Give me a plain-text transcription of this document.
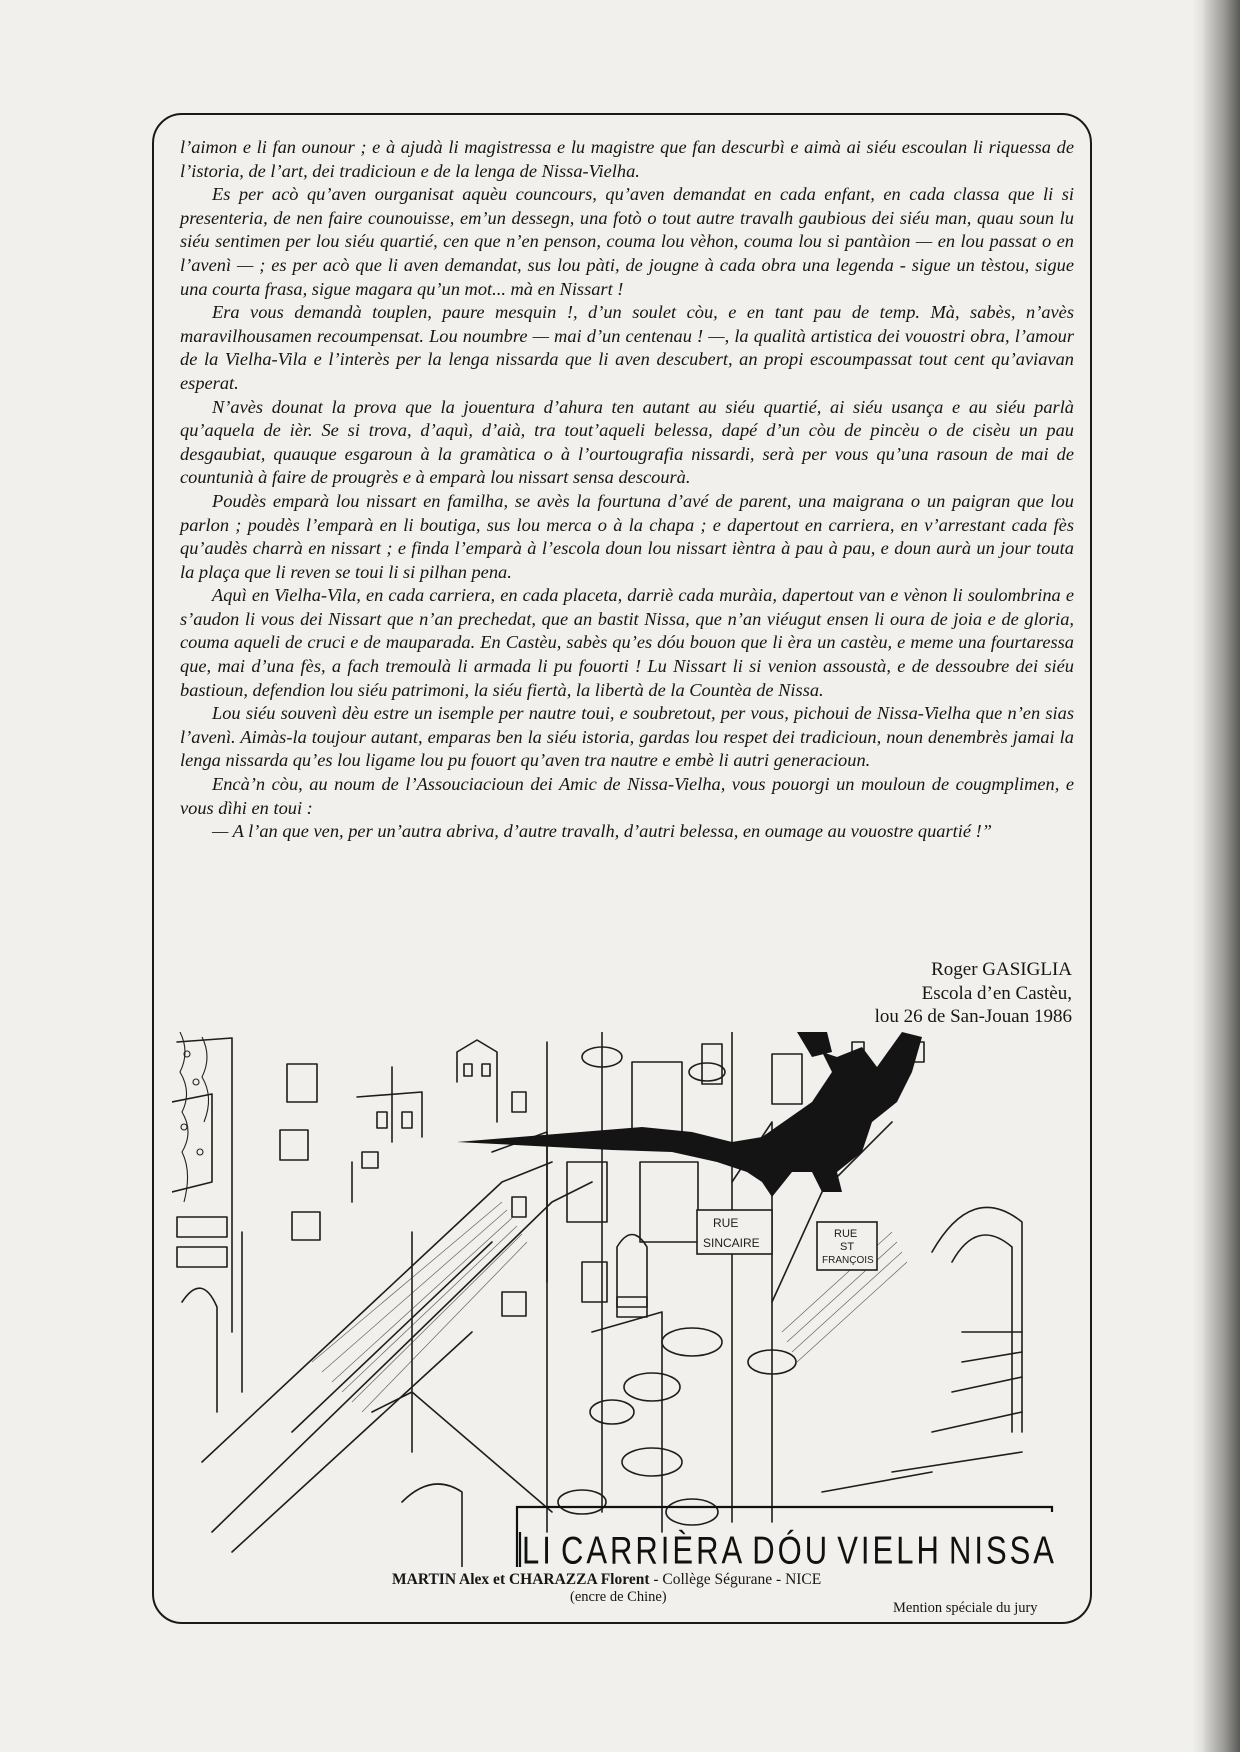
l’aimon e li fan ounour ; e à ajudà li magistressa e lu magistre que fan descurbì e aimà ai siéu escoulan li riquessa de l’istoria, de l’art, dei tradicioun e de la lenga de Nissa-Vielha.

Es per acò qu’aven ourganisat aquèu councours, qu’aven demandat en cada enfant, en cada classa que li si presenteria, de nen faire counouisse, em’un dessegn, una fotò o tout autre travalh gaubious dei siéu man, quau soun lu siéu sentimen per lou siéu quartié, cen que n’en penson, couma lou vèhon, couma lou si pantàion — en lou passat o en l’avenì — ; es per acò que li aven demandat, sus lou pàti, de jougne à cada obra una legenda - sigue un tèstou, sigue una courta frasa, sigue magara qu’un mot... mà en Nissart !

Era vous demandà touplen, paure mesquin !, d’un soulet còu, e en tant pau de temp. Mà, sabès, n’avès maravilhousamen recoumpensat. Lou noumbre — mai d’un centenau ! —, la qualità artistica dei vouostri obra, l’amour de la Vielha-Vila e l’interès per la lenga nissarda que li aven descubert, an propi escoumpassat tout cent qu’aviavan esperat.

N’avès dounat la prova que la jouentura d’ahura ten autant au siéu quartié, ai siéu usança e au siéu parlà qu’aquela de ièr. Se si trova, d’aquì, d’aià, tra tout’aqueli belessa, dapé d’un còu de pincèu o de cisèu un pau desgaubiat, quauque esgaroun à la gramàtica o à l’ourtougrafia nissardi, serà per vous qu’una rasoun de mai de countunià à faire de prougrès e à emparà lou nissart sensa descourà.

Poudès emparà lou nissart en familha, se avès la fourtuna d’avé de parent, una maigrana o un paigran que lou parlon ; poudès l’emparà en li boutiga, sus lou merca o à la chapa ; e dapertout en carriera, en v’arrestant cada fès qu’audès charrà en nissart ; e finda l’emparà à l’escola doun lou nissart ièntra à pau à pau, e doun aurà un jour touta la plaça que li reven se toui li si pilhan pena.

Aquì en Vielha-Vila, en cada carriera, en cada placeta, darriè cada muràia, dapertout van e vènon li soulombrina e s’audon li vous dei Nissart que n’an prechedat, que an bastit Nissa, que n’an viéugut ensen li oura de joia e de gloria, couma aqueli de cruci e de mauparada. En Castèu, sabès qu’es dóu bouon que li èra un castèu, e meme una fourtaressa que, mai d’una fès, a fach tremoulà li armada li pu fouorti ! Lu Nissart li si venion assoustà, e de dessoubre dei siéu bastioun, defendion lou siéu patrimoni, la siéu fiertà, la libertà de la Countèa de Nissa.

Lou siéu souvenì dèu estre un isemple per nautre toui, e soubretout, per vous, pichoui de Nissa-Vielha que n’en sias l’avenì. Aimàs-la toujour autant, emparas ben la siéu istoria, gardas lou respet dei tradicioun, noun denembrès jamai la lenga nissarda qu’es lou ligame lou pu fouort qu’aven tra nautre e embè li autri generacioun.

Encà’n còu, au noum de l’Assouciacioun dei Amic de Nissa-Vielha, vous pouorgi un mouloun de cougmplimen, e vous dìhi en toui :

— A l’an que ven, per un’autra abriva, d’autre travalh, d’autri belessa, en oumage au vouostre quartié !”

Roger GASIGLIA
Escola d’en Castèu,
lou 26 de San-Jouan 1986
RUE
SINCAIRE
RUE
ST
FRANÇOIS
LI CARRIÈRA DÓU VIELH NISSA
MARTIN Alex et CHARAZZA Florent - Collège Ségurane - NICE
(encre de Chine)
Mention spéciale du jury
